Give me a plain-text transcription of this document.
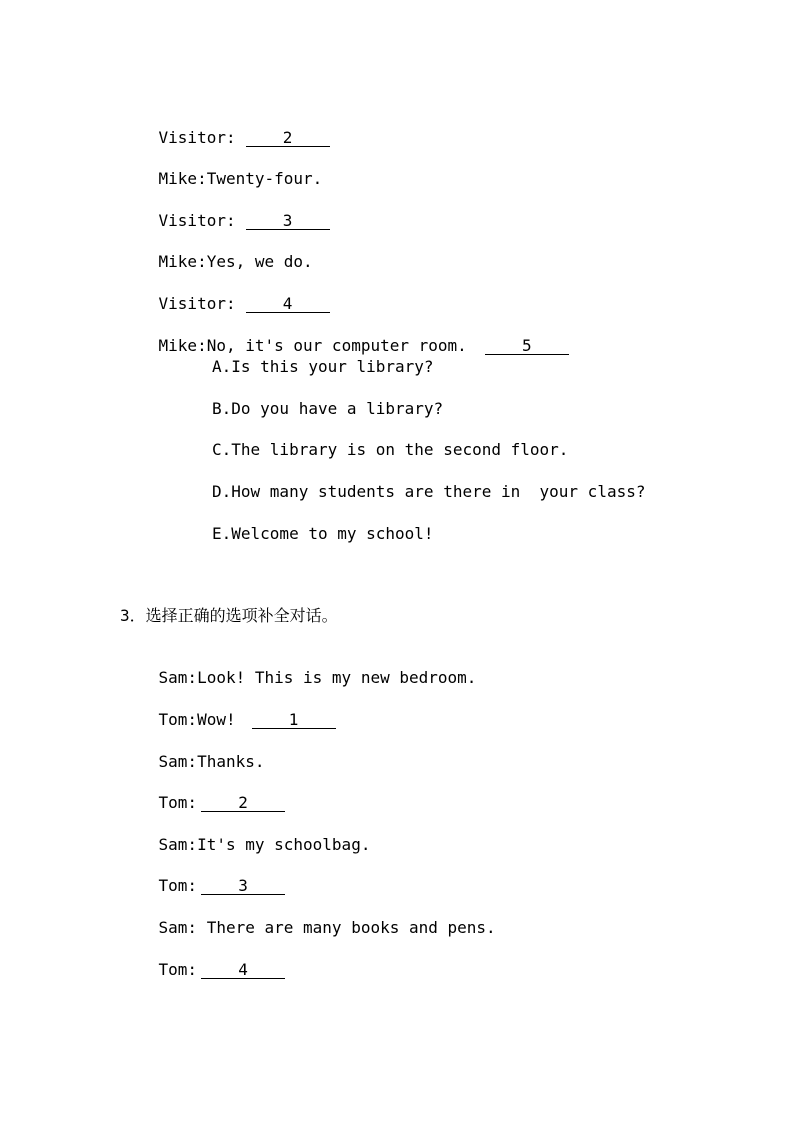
Visitor:	2

Mike:Twenty-four.

Visitor:	3

Mike:Yes, we do.

Visitor:	4

Mike:No, it's our computer room.	5

A.Is this your library?
B.Do you have a library?
C.The library is on the second floor.
D.How many students are there in  your class?
E.Welcome to my school!
3．选择正确的选项补全对话。

Sam:Look! This is my new bedroom.

Tom:Wow!	1

Sam:Thanks.

Tom:	2

Sam:It's my schoolbag.

Tom:	3

Sam: There are many books and pens.

Tom:	4
